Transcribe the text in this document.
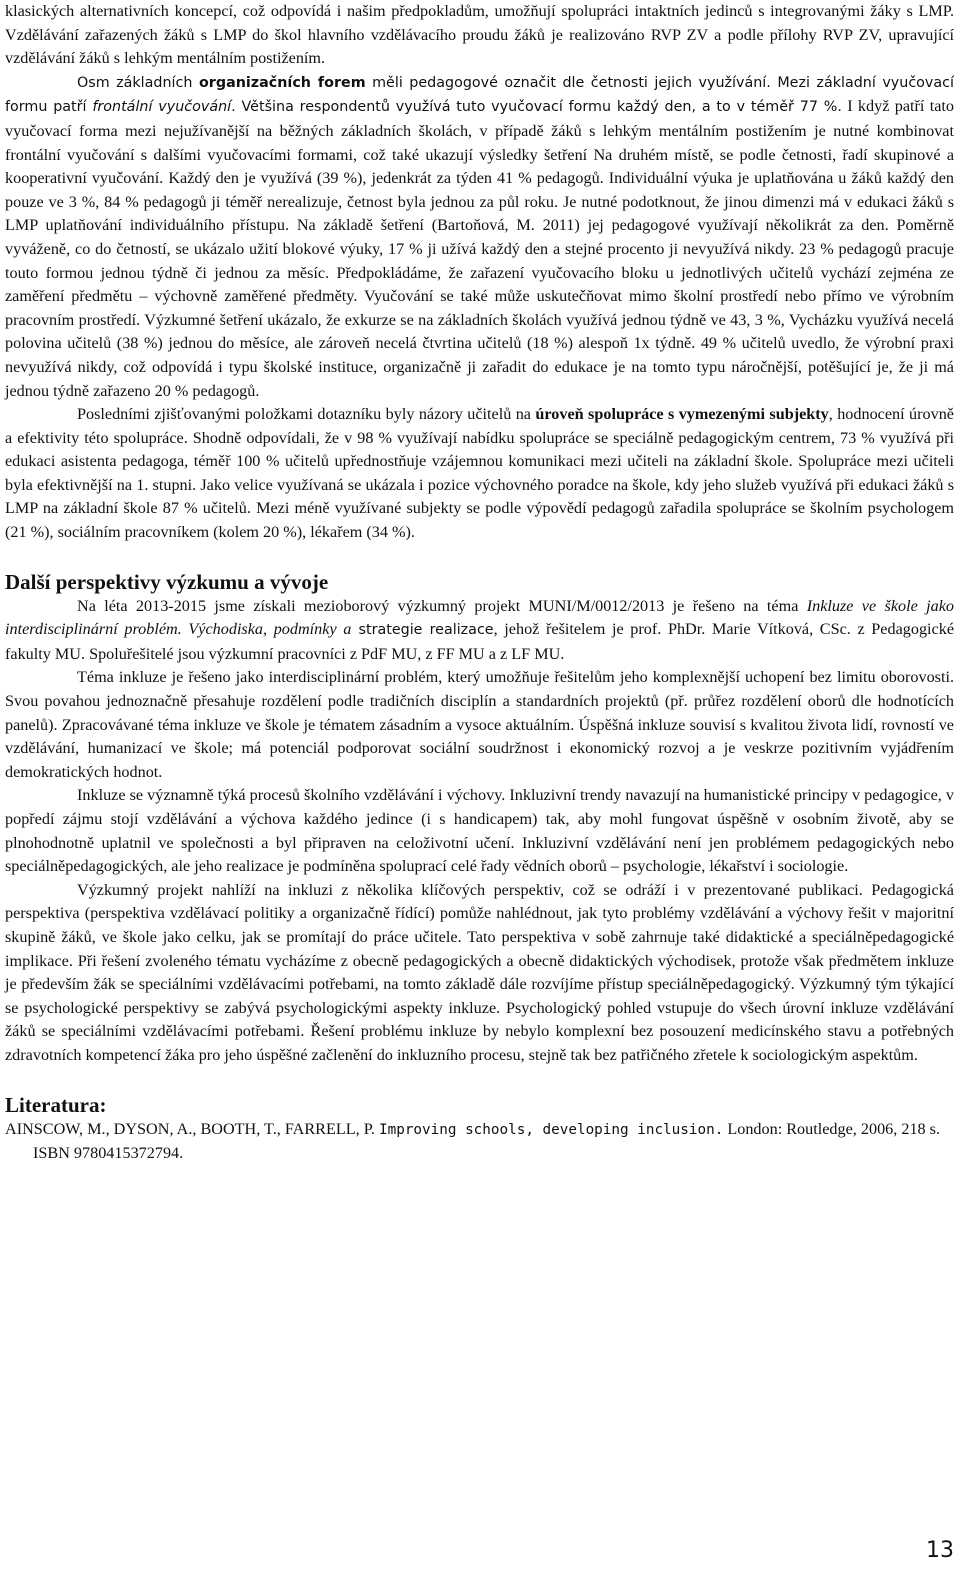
klasických alternativních koncepcí, což odpovídá i našim předpokladům, umožňují spolupráci intaktních jedinců s integrovanými žáky s LMP. Vzdělávání zařazených žáků s LMP do škol hlavního vzdělávacího proudu žáků je realizováno RVP ZV a podle přílohy RVP ZV, upravující vzdělávání žáků s lehkým mentálním postižením.

Osm základních organizačních forem měli pedagogové označit dle četnosti jejich využívání. Mezi základní vyučovací formu patří frontální vyučování. Většina respondentů využívá tuto vyučovací formu každý den, a to v téměř 77 %. I když patří tato vyučovací forma mezi nejužívanější na běžných základních školách, v případě žáků s lehkým mentálním postižením je nutné kombinovat frontální vyučování s dalšími vyučovacími formami, což také ukazují výsledky šetření Na druhém místě, se podle četnosti, řadí skupinové a kooperativní vyučování. Každý den je využívá (39 %), jedenkrát za týden 41 % pedagogů. Individuální výuka je uplatňována u žáků každý den pouze ve 3 %, 84 % pedagogů ji téměř nerealizuje, četnost byla jednou za půl roku. Je nutné podotknout, že jinou dimenzi má v edukaci žáků s LMP uplatňování individuálního přístupu. Na základě šetření (Bartoňová, M. 2011) jej pedagogové využívají několikrát za den. Poměrně vyváženě, co do četností, se ukázalo užití blokové výuky, 17 % ji užívá každý den a stejné procento ji nevyužívá nikdy. 23 % pedagogů pracuje touto formou jednou týdně či jednou za měsíc. Předpokládáme, že zařazení vyučovacího bloku u jednotlivých učitelů vychází zejména ze zaměření předmětu – výchovně zaměřené předměty. Vyučování se také může uskutečňovat mimo školní prostředí nebo přímo ve výrobním pracovním prostředí. Výzkumné šetření ukázalo, že exkurze se na základních školách využívá jednou týdně ve 43, 3 %, Vycházku využívá necelá polovina učitelů (38 %) jednou do měsíce, ale zároveň necelá čtvrtina učitelů (18 %) alespoň 1x týdně. 49 % učitelů uvedlo, že výrobní praxi nevyužívá nikdy, což odpovídá i typu školské instituce, organizačně ji zařadit do edukace je na tomto typu náročnější, potěšující je, že ji má jednou týdně zařazeno 20 % pedagogů.

Posledními zjišťovanými položkami dotazníku byly názory učitelů na úroveň spolupráce s vymezenými subjekty, hodnocení úrovně a efektivity této spolupráce. Shodně odpovídali, že v 98 % využívají nabídku spolupráce se speciálně pedagogickým centrem, 73 % využívá při edukaci asistenta pedagoga, téměř 100 % učitelů upřednostňuje vzájemnou komunikaci mezi učiteli na základní škole. Spolupráce mezi učiteli byla efektivnější na 1. stupni. Jako velice využívaná se ukázala i pozice výchovného poradce na škole, kdy jeho služeb využívá při edukaci žáků s LMP na základní škole 87 % učitelů. Mezi méně využívané subjekty se podle výpovědí pedagogů zařadila spolupráce se školním psychologem (21 %), sociálním pracovníkem (kolem 20 %), lékařem (34 %).

Další perspektivy výzkumu a vývoje

Na léta 2013-2015 jsme získali mezioborový výzkumný projekt MUNI/M/0012/2013 je řešeno na téma Inkluze ve škole jako interdisciplinární problém. Východiska, podmínky a strategie realizace, jehož řešitelem je prof. PhDr. Marie Vítková, CSc. z Pedagogické fakulty MU. Spoluřešitelé jsou výzkumní pracovníci z PdF MU, z FF MU a z LF MU.

Téma inkluze je řešeno jako interdisciplinární problém, který umožňuje řešitelům jeho komplexnější uchopení bez limitu oborovosti. Svou povahou jednoznačně přesahuje rozdělení podle tradičních disciplín a standardních projektů (př. průřez rozdělení oborů dle hodnotících panelů). Zpracovávané téma inkluze ve škole je tématem zásadním a vysoce aktuálním. Úspěšná inkluze souvisí s kvalitou života lidí, rovností ve vzdělávání, humanizací ve škole; má potenciál podporovat sociální soudržnost i ekonomický rozvoj a je veskrze pozitivním vyjádřením demokratických hodnot.

Inkluze se významně týká procesů školního vzdělávání i výchovy. Inkluzivní trendy navazují na humanistické principy v pedagogice, v popředí zájmu stojí vzdělávání a výchova každého jedince (i s handicapem) tak, aby mohl fungovat úspěšně v osobním životě, aby se plnohodnotně uplatnil ve společnosti a byl připraven na celoživotní učení. Inkluzivní vzdělávání není jen problémem pedagogických nebo speciálněpedagogických, ale jeho realizace je podmíněna spoluprací celé řady vědních oborů – psychologie, lékařství i sociologie.

Výzkumný projekt nahlíží na inkluzi z několika klíčových perspektiv, což se odráží i v prezentované publikaci. Pedagogická perspektiva (perspektiva vzdělávací politiky a organizačně řídící) pomůže nahlédnout, jak tyto problémy vzdělávání a výchovy řešit v majoritní skupině žáků, ve škole jako celku, jak se promítají do práce učitele. Tato perspektiva v sobě zahrnuje také didaktické a speciálněpedagogické implikace. Při řešení zvoleného tématu vycházíme z obecně pedagogických a obecně didaktických východisek, protože však předmětem inkluze je především žák se speciálními vzdělávacími potřebami, na tomto základě dále rozvíjíme přístup speciálněpedagogický. Výzkumný tým týkající se psychologické perspektivy se zabývá psychologickými aspekty inkluze. Psychologický pohled vstupuje do všech úrovní inkluze vzdělávání žáků se speciálními vzdělávacími potřebami. Řešení problému inkluze by nebylo komplexní bez posouzení medicínského stavu a potřebných zdravotních kompetencí žáka pro jeho úspěšné začlenění do inkluzního procesu, stejně tak bez patřičného zřetele k sociologickým aspektům.

Literatura:

AINSCOW, M., DYSON, A., BOOTH, T., FARRELL, P. Improving schools, developing inclusion. London: Routledge, 2006, 218 s. ISBN 9780415372794.

13
